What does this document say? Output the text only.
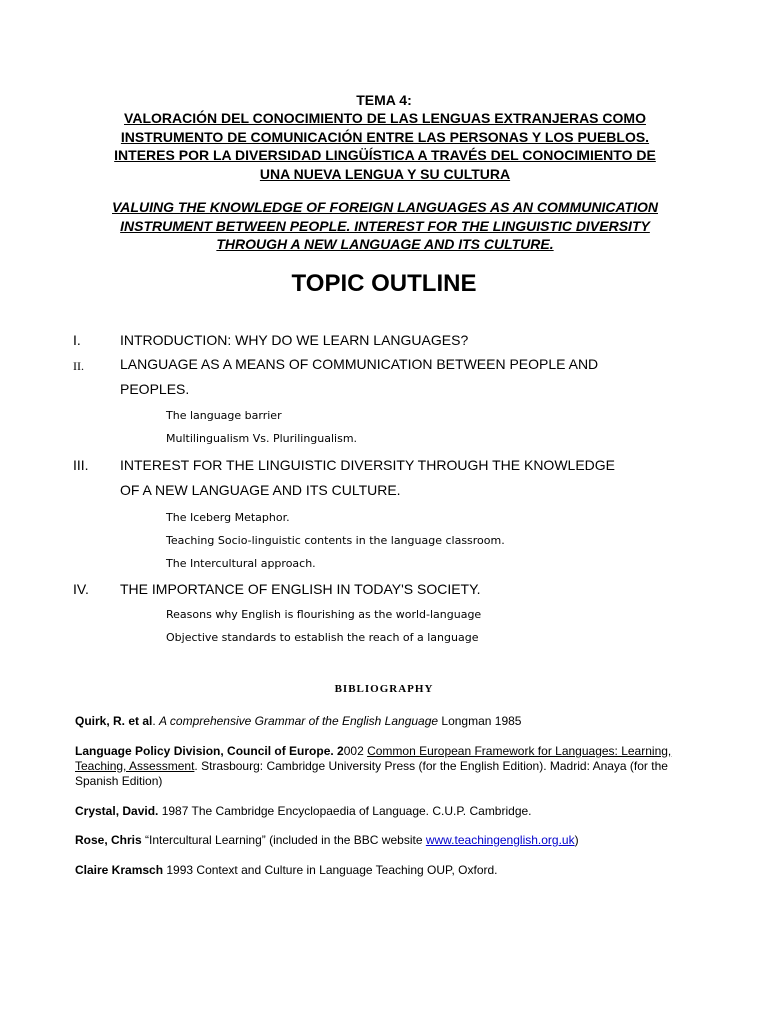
TEMA 4:
VALORACIÓN DEL CONOCIMIENTO DE LAS LENGUAS EXTRANJERAS COMO
INSTRUMENTO DE COMUNICACIÓN ENTRE LAS PERSONAS Y LOS PUEBLOS.
INTERES POR LA DIVERSIDAD LINGÜÍSTICA A TRAVÉS DEL CONOCIMIENTO DE
UNA NUEVA LENGUA Y SU CULTURA
VALUING THE KNOWLEDGE OF FOREIGN LANGUAGES AS AN COMMUNICATION
INSTRUMENT BETWEEN PEOPLE. INTEREST FOR THE LINGUISTIC DIVERSITY
THROUGH A NEW LANGUAGE AND ITS CULTURE.
TOPIC OUTLINE
I.	INTRODUCTION: WHY DO WE LEARN LANGUAGES?
II.	LANGUAGE AS A MEANS OF COMMUNICATION BETWEEN PEOPLE AND
PEOPLES.
The language barrier
Multilingualism Vs. Plurilingualism.
III. INTEREST FOR THE LINGUISTIC DIVERSITY THROUGH THE KNOWLEDGE
OF A NEW LANGUAGE AND ITS CULTURE.
The Iceberg Metaphor.
Teaching Socio-linguistic contents in the language classroom.
The Intercultural approach.
IV. THE IMPORTANCE OF ENGLISH IN TODAY'S SOCIETY.
Reasons why English is flourishing as the world-language
Objective standards to establish the reach of a language
BIBLIOGRAPHY
Quirk, R. et al. A comprehensive Grammar of the English Language Longman 1985
Language Policy Division, Council of Europe. 2002 Common European Framework for Languages: Learning, Teaching, Assessment. Strasbourg: Cambridge University Press (for the English Edition). Madrid: Anaya (for the Spanish Edition)
Crystal, David. 1987 The Cambridge Encyclopaedia of Language. C.U.P. Cambridge.
Rose, Chris “Intercultural Learning” (included in the BBC website www.teachingenglish.org.uk)
Claire Kramsch 1993 Context and Culture in Language Teaching OUP, Oxford.
